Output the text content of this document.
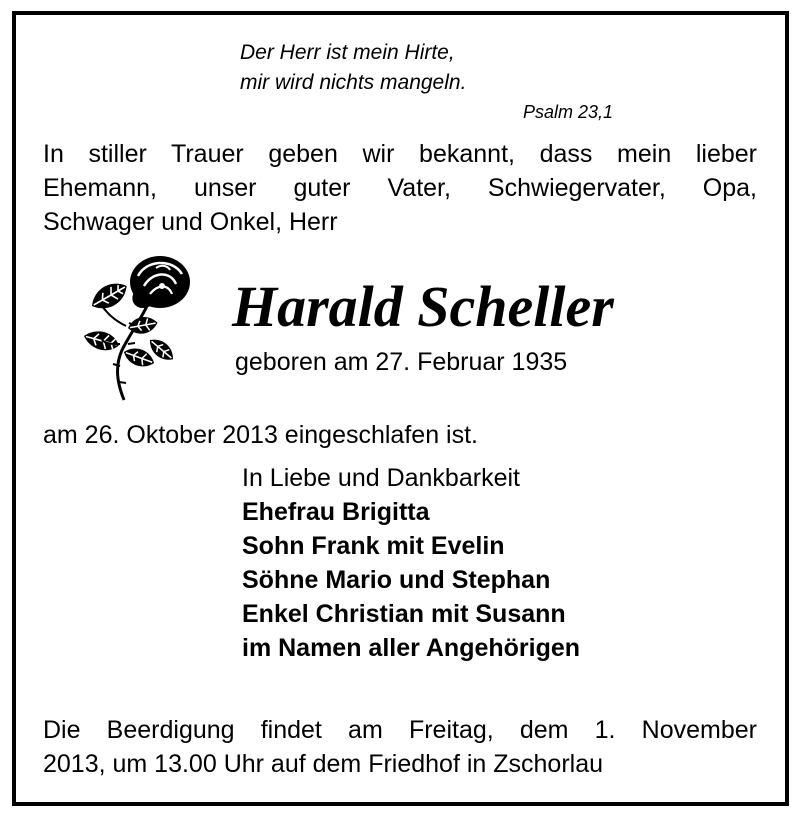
Der Herr ist mein Hirte,
mir wird nichts mangeln.
Psalm 23,1
In stiller Trauer geben wir bekannt, dass mein lieber
Ehemann, unser guter Vater, Schwiegervater, Opa,
Schwager und Onkel, Herr
Harald Scheller
geboren am 27. Februar 1935
am 26. Oktober 2013 eingeschlafen ist.
In Liebe und Dankbarkeit
Ehefrau Brigitta
Sohn Frank mit Evelin
Söhne Mario und Stephan
Enkel Christian mit Susann
im Namen aller Angehörigen
Die Beerdigung findet am Freitag, dem 1. November
2013, um 13.00 Uhr auf dem Friedhof in Zschorlau
